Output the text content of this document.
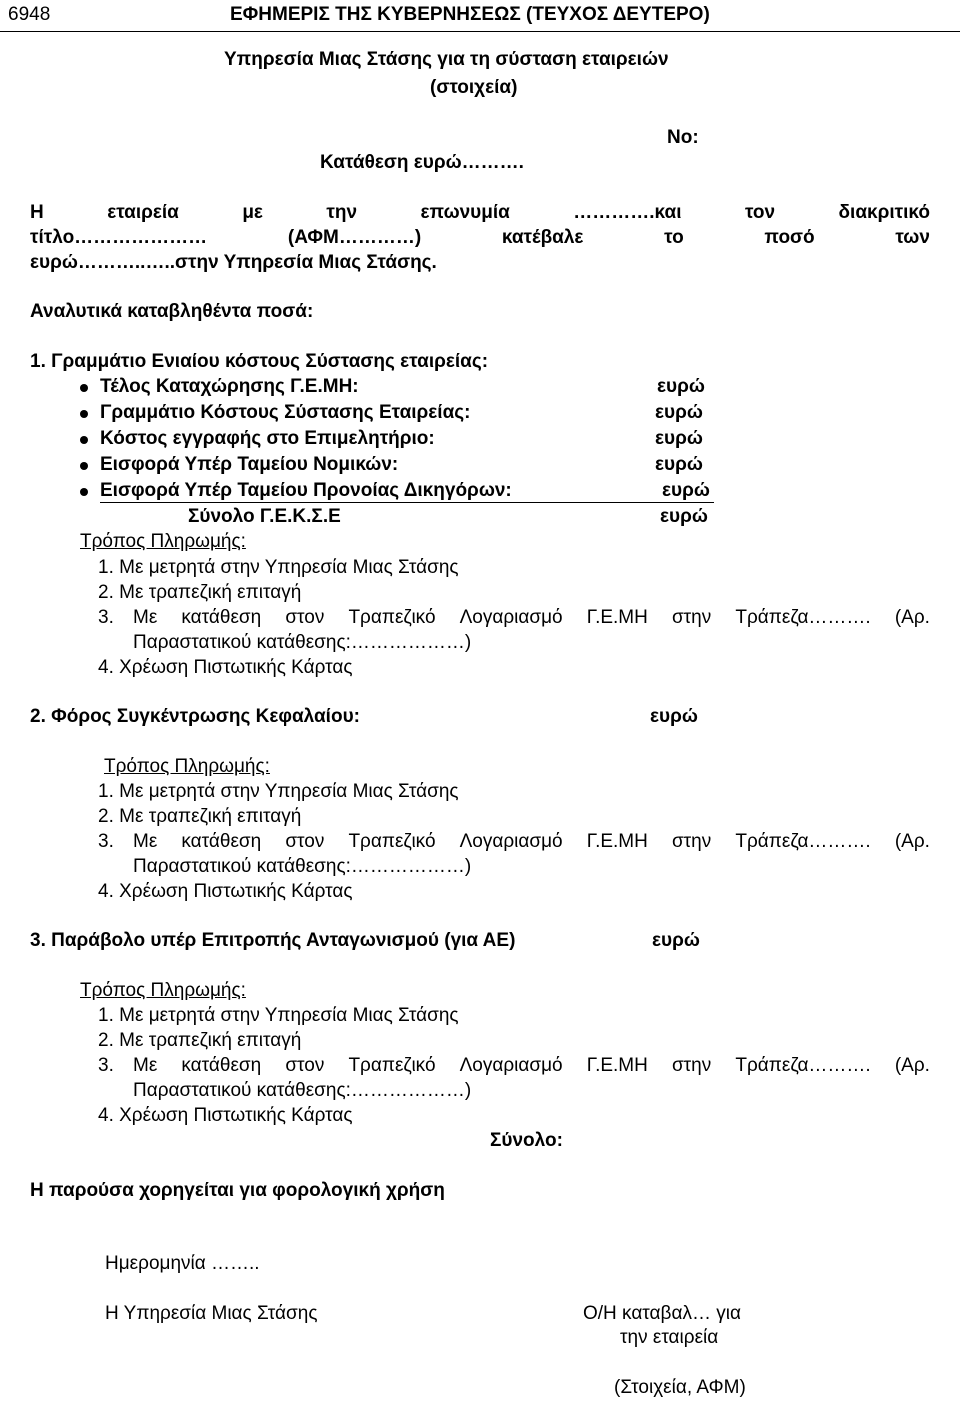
6948	ΕΦΗΜΕΡΙΣ ΤΗΣ ΚΥΒΕΡΝΗΣΕΩΣ (ΤΕΥΧΟΣ ΔΕΥΤΕΡΟ)
Υπηρεσία Μιας Στάσης για τη σύσταση εταιρειών
(στοιχεία)
Νο:
Κατάθεση ευρώ……….
Η	εταιρεία	με	την	επωνυμία	………….και	τον	διακριτικό
τίτλο…………………	(ΑΦΜ…………)	κατέβαλε	το	ποσό	των
ευρώ………..…..στην Υπηρεσία Μιας Στάσης.
Αναλυτικά καταβληθέντα ποσά:
1. Γραμμάτιο Ενιαίου κόστους Σύστασης εταιρείας:
Τέλος Καταχώρησης Γ.Ε.ΜΗ:	ευρώ
Γραμμάτιο Κόστους Σύστασης Εταιρείας:	ευρώ
Κόστος εγγραφής στο Επιμελητήριο:	ευρώ
Εισφορά Υπέρ Ταμείου Νομικών:	ευρώ
Εισφορά Υπέρ Ταμείου Προνοίας Δικηγόρων:	ευρώ
Σύνολο Γ.Ε.Κ.Σ.Ε	ευρώ
Τρόπος Πληρωμής:
1. Με μετρητά στην Υπηρεσία Μιας Στάσης
2. Με τραπεζική επιταγή
3. Με κατάθεση στον Τραπεζικό Λογαριασμό Γ.Ε.ΜΗ στην Τράπεζα………. (Αρ.
Παραστατικού κατάθεσης:………………)
4. Χρέωση Πιστωτικής Κάρτας
2. Φόρος Συγκέντρωσης Κεφαλαίου:	ευρώ
Τρόπος Πληρωμής:
1. Με μετρητά στην Υπηρεσία Μιας Στάσης
2. Με τραπεζική επιταγή
3. Με κατάθεση στον Τραπεζικό Λογαριασμό Γ.Ε.ΜΗ στην Τράπεζα………. (Αρ.
Παραστατικού κατάθεσης:………………)
4. Χρέωση Πιστωτικής Κάρτας
3. Παράβολο υπέρ Επιτροπής Ανταγωνισμού (για ΑΕ)	ευρώ
Τρόπος Πληρωμής:
1. Με μετρητά στην Υπηρεσία Μιας Στάσης
2. Με τραπεζική επιταγή
3. Με κατάθεση στον Τραπεζικό Λογαριασμό Γ.Ε.ΜΗ στην Τράπεζα………. (Αρ.
Παραστατικού κατάθεσης:………………)
4. Χρέωση Πιστωτικής Κάρτας
Σύνολο:
Η παρούσα χορηγείται για φορολογική χρήση
Ημερομηνία ……..
Η Υπηρεσία Μιας Στάσης	Ο/Η καταβαλ… για
την εταιρεία
(Στοιχεία, ΑΦΜ)
